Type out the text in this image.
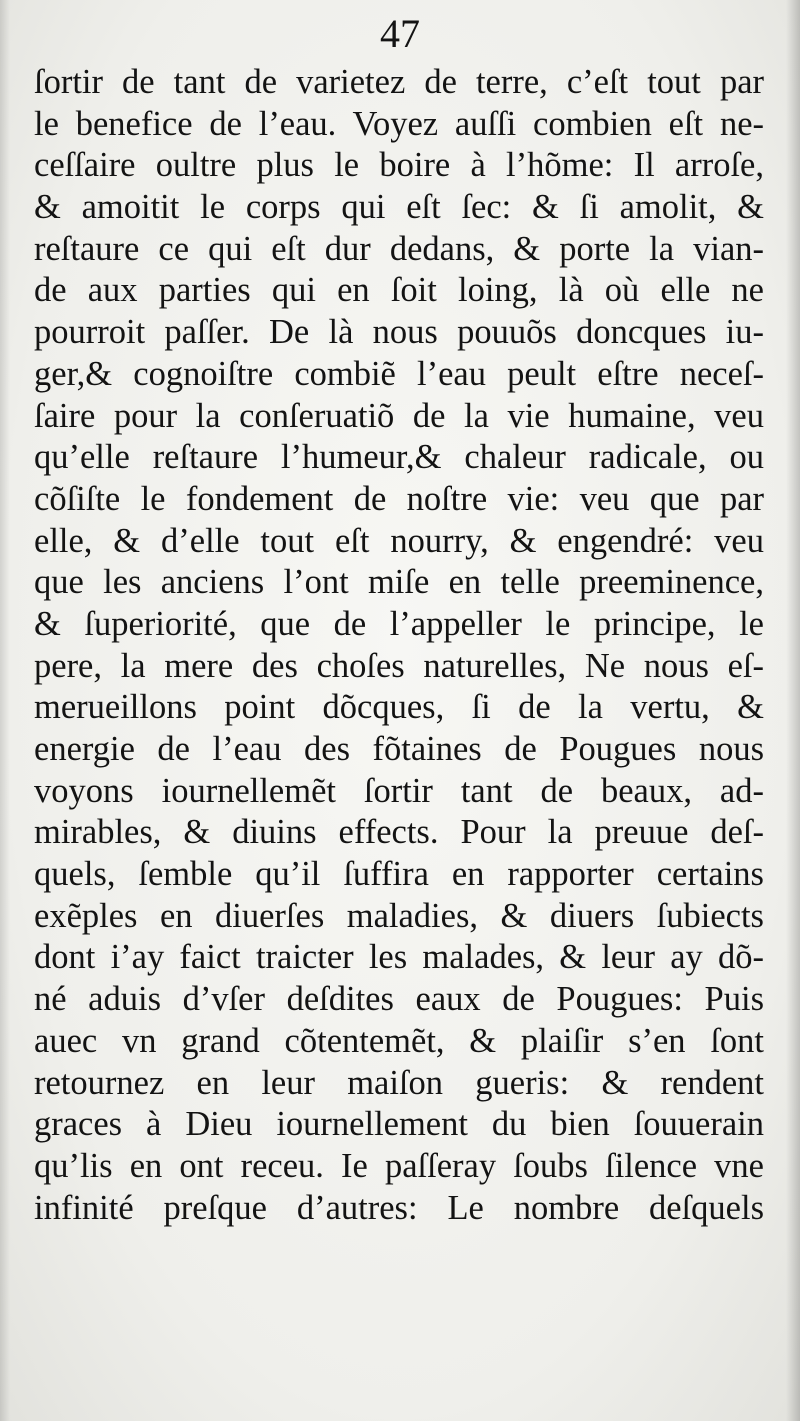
47
ſortir de tant de varietez de terre, c’eſt tout par
le benefice de l’eau. Voyez auſſi combien eſt ne-
ceſſaire oultre plus le boire à l’hõme: Il arroſe,
& amoitit le corps qui eſt ſec: & ſi amolit, &
reſtaure ce qui eſt dur dedans, & porte la vian-
de aux parties qui en ſoit loing, là où elle ne
pourroit paſſer. De là nous pouuõs doncques iu-
ger,& cognoiſtre combiẽ l’eau peult eſtre neceſ-
ſaire pour la conſeruatiõ de la vie humaine, veu
qu’elle reſtaure l’humeur,& chaleur radicale, ou
cõſiſte le fondement de noſtre vie: veu que par
elle, & d’elle tout eſt nourry, & engendré: veu
que les anciens l’ont miſe en telle preeminence,
& ſuperiorité, que de l’appeller le principe, le
pere, la mere des choſes naturelles, Ne nous eſ-
merueillons point dõcques, ſi de la vertu, &
energie de l’eau des fõtaines de Pougues nous
voyons iournellemẽt ſortir tant de beaux, ad-
mirables, & diuins effects. Pour la preuue deſ-
quels, ſemble qu’il ſuffira en rapporter certains
exẽples en diuerſes maladies, & diuers ſubiects
dont i’ay faict traicter les malades, & leur ay dõ-
né aduis d’vſer deſdites eaux de Pougues: Puis
auec vn grand cõtentemẽt, & plaiſir s’en ſont
retournez en leur maiſon gueris: & rendent
graces à Dieu iournellement du bien ſouuerain
qu’lis en ont receu. Ie paſſeray ſoubs ſilence vne
infinité preſque d’autres: Le nombre deſquels
